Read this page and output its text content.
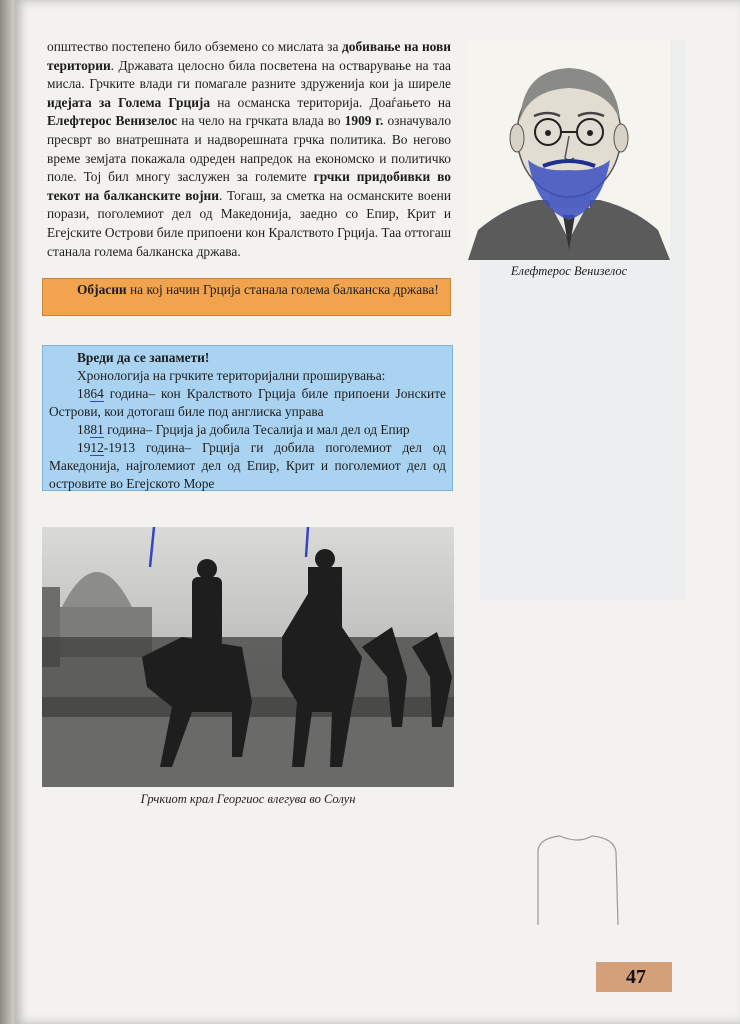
општество постепено било обземено со мислата за добивање на нови територии. Државата целосно била посветена на остварување на таа мисла. Грчките влади ги помагале разните здруженија кои ја ширеле идејата за Голема Грција на османска територија. Доаѓањето на Елефтерос Венизелос на чело на грчката влада во 1909 г. означувало пресврт во внатрешната и надворешната грчка политика. Во негово време земјата покажала одреден напредок на економско и политичко поле. Тој бил многу заслужен за големите грчки придобивки во текот на балканските војни. Тогаш, за сметка на османските воени порази, поголемиот дел од Македонија, заедно со Епир, Крит и Егејските Острови биле припоени кон Кралството Грција. Таа оттогаш станала голема балканска држава.
Објасни на кој начин Грција станала голема балканска држава!

Вреди да се запамети!

Хронологија на грчките територијални проширувања:

1864 година– кон Кралството Грција биле припоени Јонските Острови, кои дотогаш биле под англиска управа

1881 година– Грција ја добила Тесалија и мал дел од Епир

1912-1913 година– Грција ги добила поголемиот дел од Македонија, најголемиот дел од Епир, Крит и поголемиот дел од островите во Егејското Море

Елефтерос Венизелос
Грчкиот крал Георгиос влегува во Солун
47
